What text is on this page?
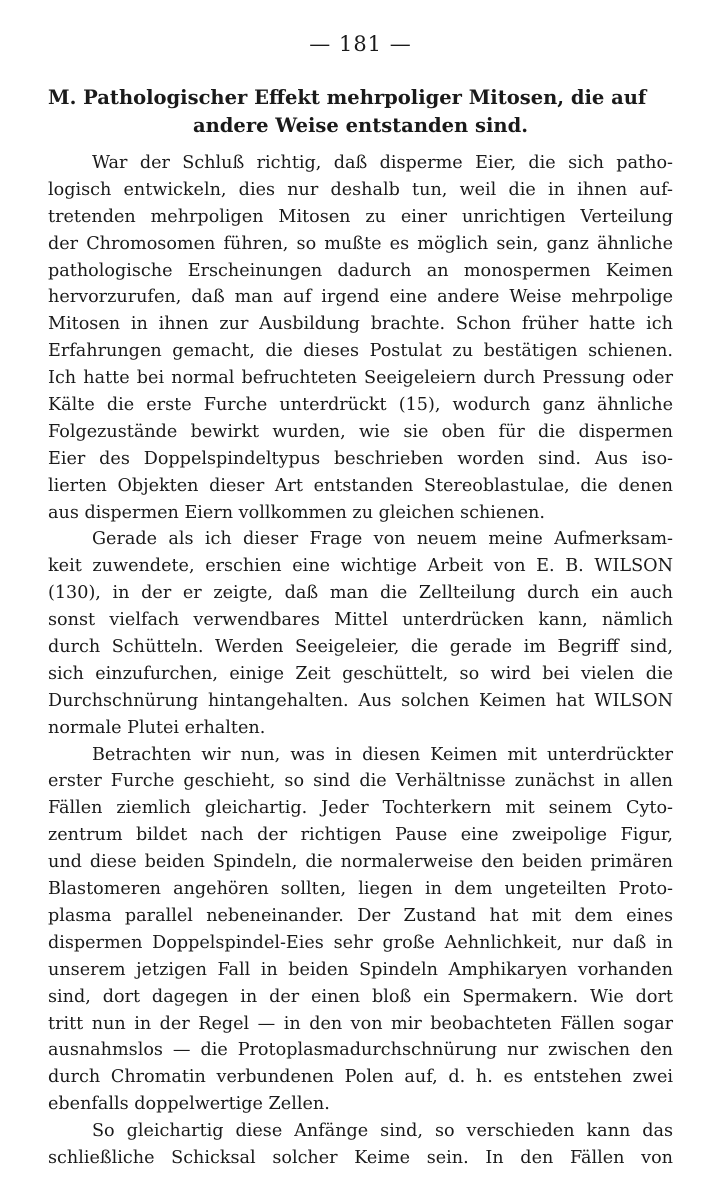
— 181 —
M. Pathologischer Effekt mehrpoliger Mitosen, die auf
andere Weise entstanden sind.
War der Schluß richtig, daß disperme Eier, die sich patho-
logisch entwickeln, dies nur deshalb tun, weil die in ihnen auf-
tretenden mehrpoligen Mitosen zu einer unrichtigen Verteilung
der Chromosomen führen, so mußte es möglich sein, ganz ähnliche
pathologische Erscheinungen dadurch an monospermen Keimen
hervorzurufen, daß man auf irgend eine andere Weise mehrpolige
Mitosen in ihnen zur Ausbildung brachte. Schon früher hatte ich
Erfahrungen gemacht, die dieses Postulat zu bestätigen schienen.
Ich hatte bei normal befruchteten Seeigeleiern durch Pressung oder
Kälte die erste Furche unterdrückt (15), wodurch ganz ähnliche
Folgezustände bewirkt wurden, wie sie oben für die dispermen
Eier des Doppelspindeltypus beschrieben worden sind. Aus iso-
lierten Objekten dieser Art entstanden Stereoblastulae, die denen
aus dispermen Eiern vollkommen zu gleichen schienen.
Gerade als ich dieser Frage von neuem meine Aufmerksam-
keit zuwendete, erschien eine wichtige Arbeit von E. B. WILSON
(130), in der er zeigte, daß man die Zellteilung durch ein auch
sonst vielfach verwendbares Mittel unterdrücken kann, nämlich
durch Schütteln. Werden Seeigeleier, die gerade im Begriff sind,
sich einzufurchen, einige Zeit geschüttelt, so wird bei vielen die
Durchschnürung hintangehalten. Aus solchen Keimen hat WILSON
normale Plutei erhalten.
Betrachten wir nun, was in diesen Keimen mit unterdrückter
erster Furche geschieht, so sind die Verhältnisse zunächst in allen
Fällen ziemlich gleichartig. Jeder Tochterkern mit seinem Cyto-
zentrum bildet nach der richtigen Pause eine zweipolige Figur,
und diese beiden Spindeln, die normalerweise den beiden primären
Blastomeren angehören sollten, liegen in dem ungeteilten Proto-
plasma parallel nebeneinander. Der Zustand hat mit dem eines
dispermen Doppelspindel-Eies sehr große Aehnlichkeit, nur daß in
unserem jetzigen Fall in beiden Spindeln Amphikaryen vorhanden
sind, dort dagegen in der einen bloß ein Spermakern. Wie dort
tritt nun in der Regel — in den von mir beobachteten Fällen sogar
ausnahmslos — die Protoplasmadurchschnürung nur zwischen den
durch Chromatin verbundenen Polen auf, d. h. es entstehen zwei
ebenfalls doppelwertige Zellen.
So gleichartig diese Anfänge sind, so verschieden kann das
schließliche Schicksal solcher Keime sein. In den Fällen von
